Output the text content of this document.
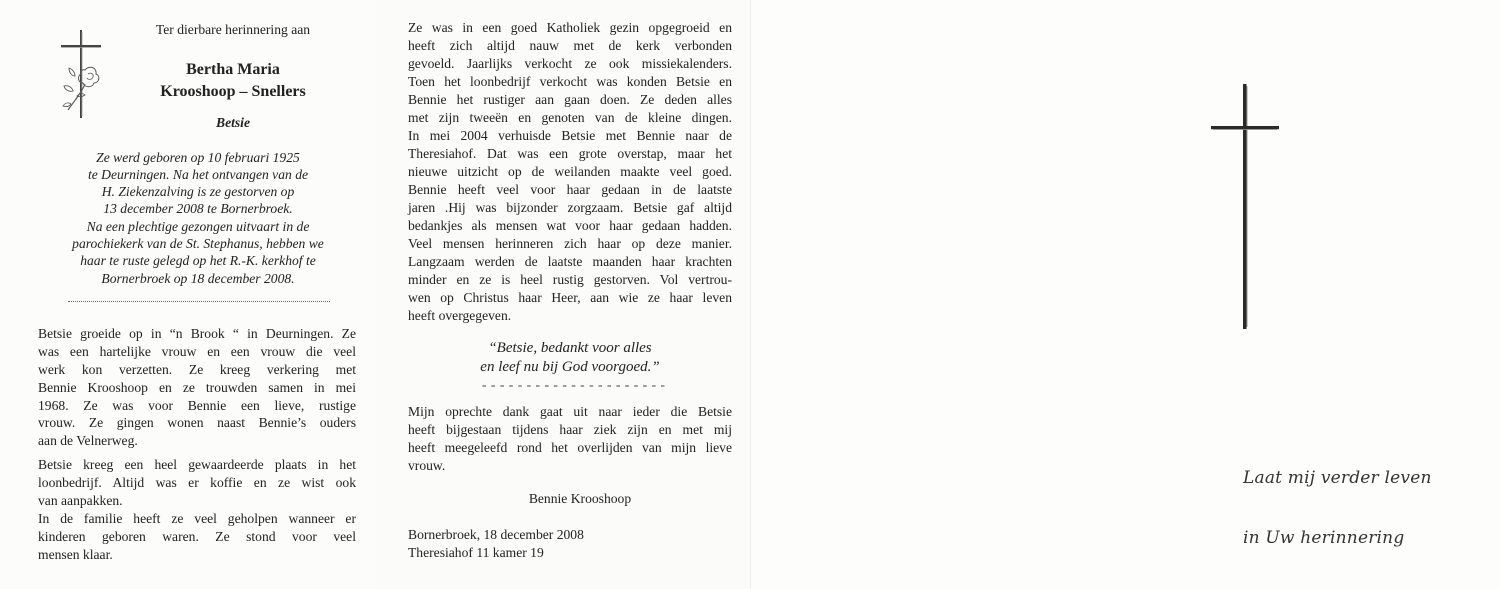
Ter dierbare herinnering aan
Bertha Maria
Krooshoop – Snellers
Betsie
Ze werd geboren op 10 februari 1925
te Deurningen. Na het ontvangen van de
H. Ziekenzalving is ze gestorven op
13 december 2008 te Bornerbroek.
Na een plechtige gezongen uitvaart in de
parochiekerk van de St. Stephanus, hebben we
haar te ruste gelegd op het R.-K. kerkhof te
Bornerbroek op 18 december 2008.
Betsie groeide op in “n Brook “ in Deurningen. Ze
was een hartelijke vrouw en een vrouw die veel
werk kon verzetten. Ze kreeg verkering met
Bennie Krooshoop en ze trouwden samen in mei
1968. Ze was voor Bennie een lieve, rustige
vrouw. Ze gingen wonen naast Bennie’s ouders
aan de Velnerweg.
Betsie kreeg een heel gewaardeerde plaats in het
loonbedrijf. Altijd was er koffie en ze wist ook
van aanpakken.
In de familie heeft ze veel geholpen wanneer er
kinderen geboren waren. Ze stond voor veel
mensen klaar.
Ze was in een goed Katholiek gezin opgegroeid en
heeft zich altijd nauw met de kerk verbonden
gevoeld. Jaarlijks verkocht ze ook missiekalenders.
Toen het loonbedrijf verkocht was konden Betsie en
Bennie het rustiger aan gaan doen. Ze deden alles
met zijn tweeën en genoten van de kleine dingen.
In mei 2004 verhuisde Betsie met Bennie naar de
Theresiahof. Dat was een grote overstap, maar het
nieuwe uitzicht op de weilanden maakte veel goed.
Bennie heeft veel voor haar gedaan in de laatste
jaren .Hij was bijzonder zorgzaam. Betsie gaf altijd
bedankjes als mensen wat voor haar gedaan hadden.
Veel mensen herinneren zich haar op deze manier.
Langzaam werden de laatste maanden haar krachten
minder en ze is heel rustig gestorven. Vol vertrou-
wen op Christus haar Heer, aan wie ze haar leven
heeft overgegeven.
“Betsie, bedankt voor alles
en leef nu bij God voorgoed.”
- - - - - - - - - - - - - - - - - - - - -
Mijn oprechte dank gaat uit naar ieder die Betsie
heeft bijgestaan tijdens haar ziek zijn en met mij
heeft meegeleefd rond het overlijden van mijn lieve
vrouw.
Bennie Krooshoop
Bornerbroek, 18 december 2008
Theresiahof 11 kamer 19
Laat mij verder leven
in Uw herinnering
